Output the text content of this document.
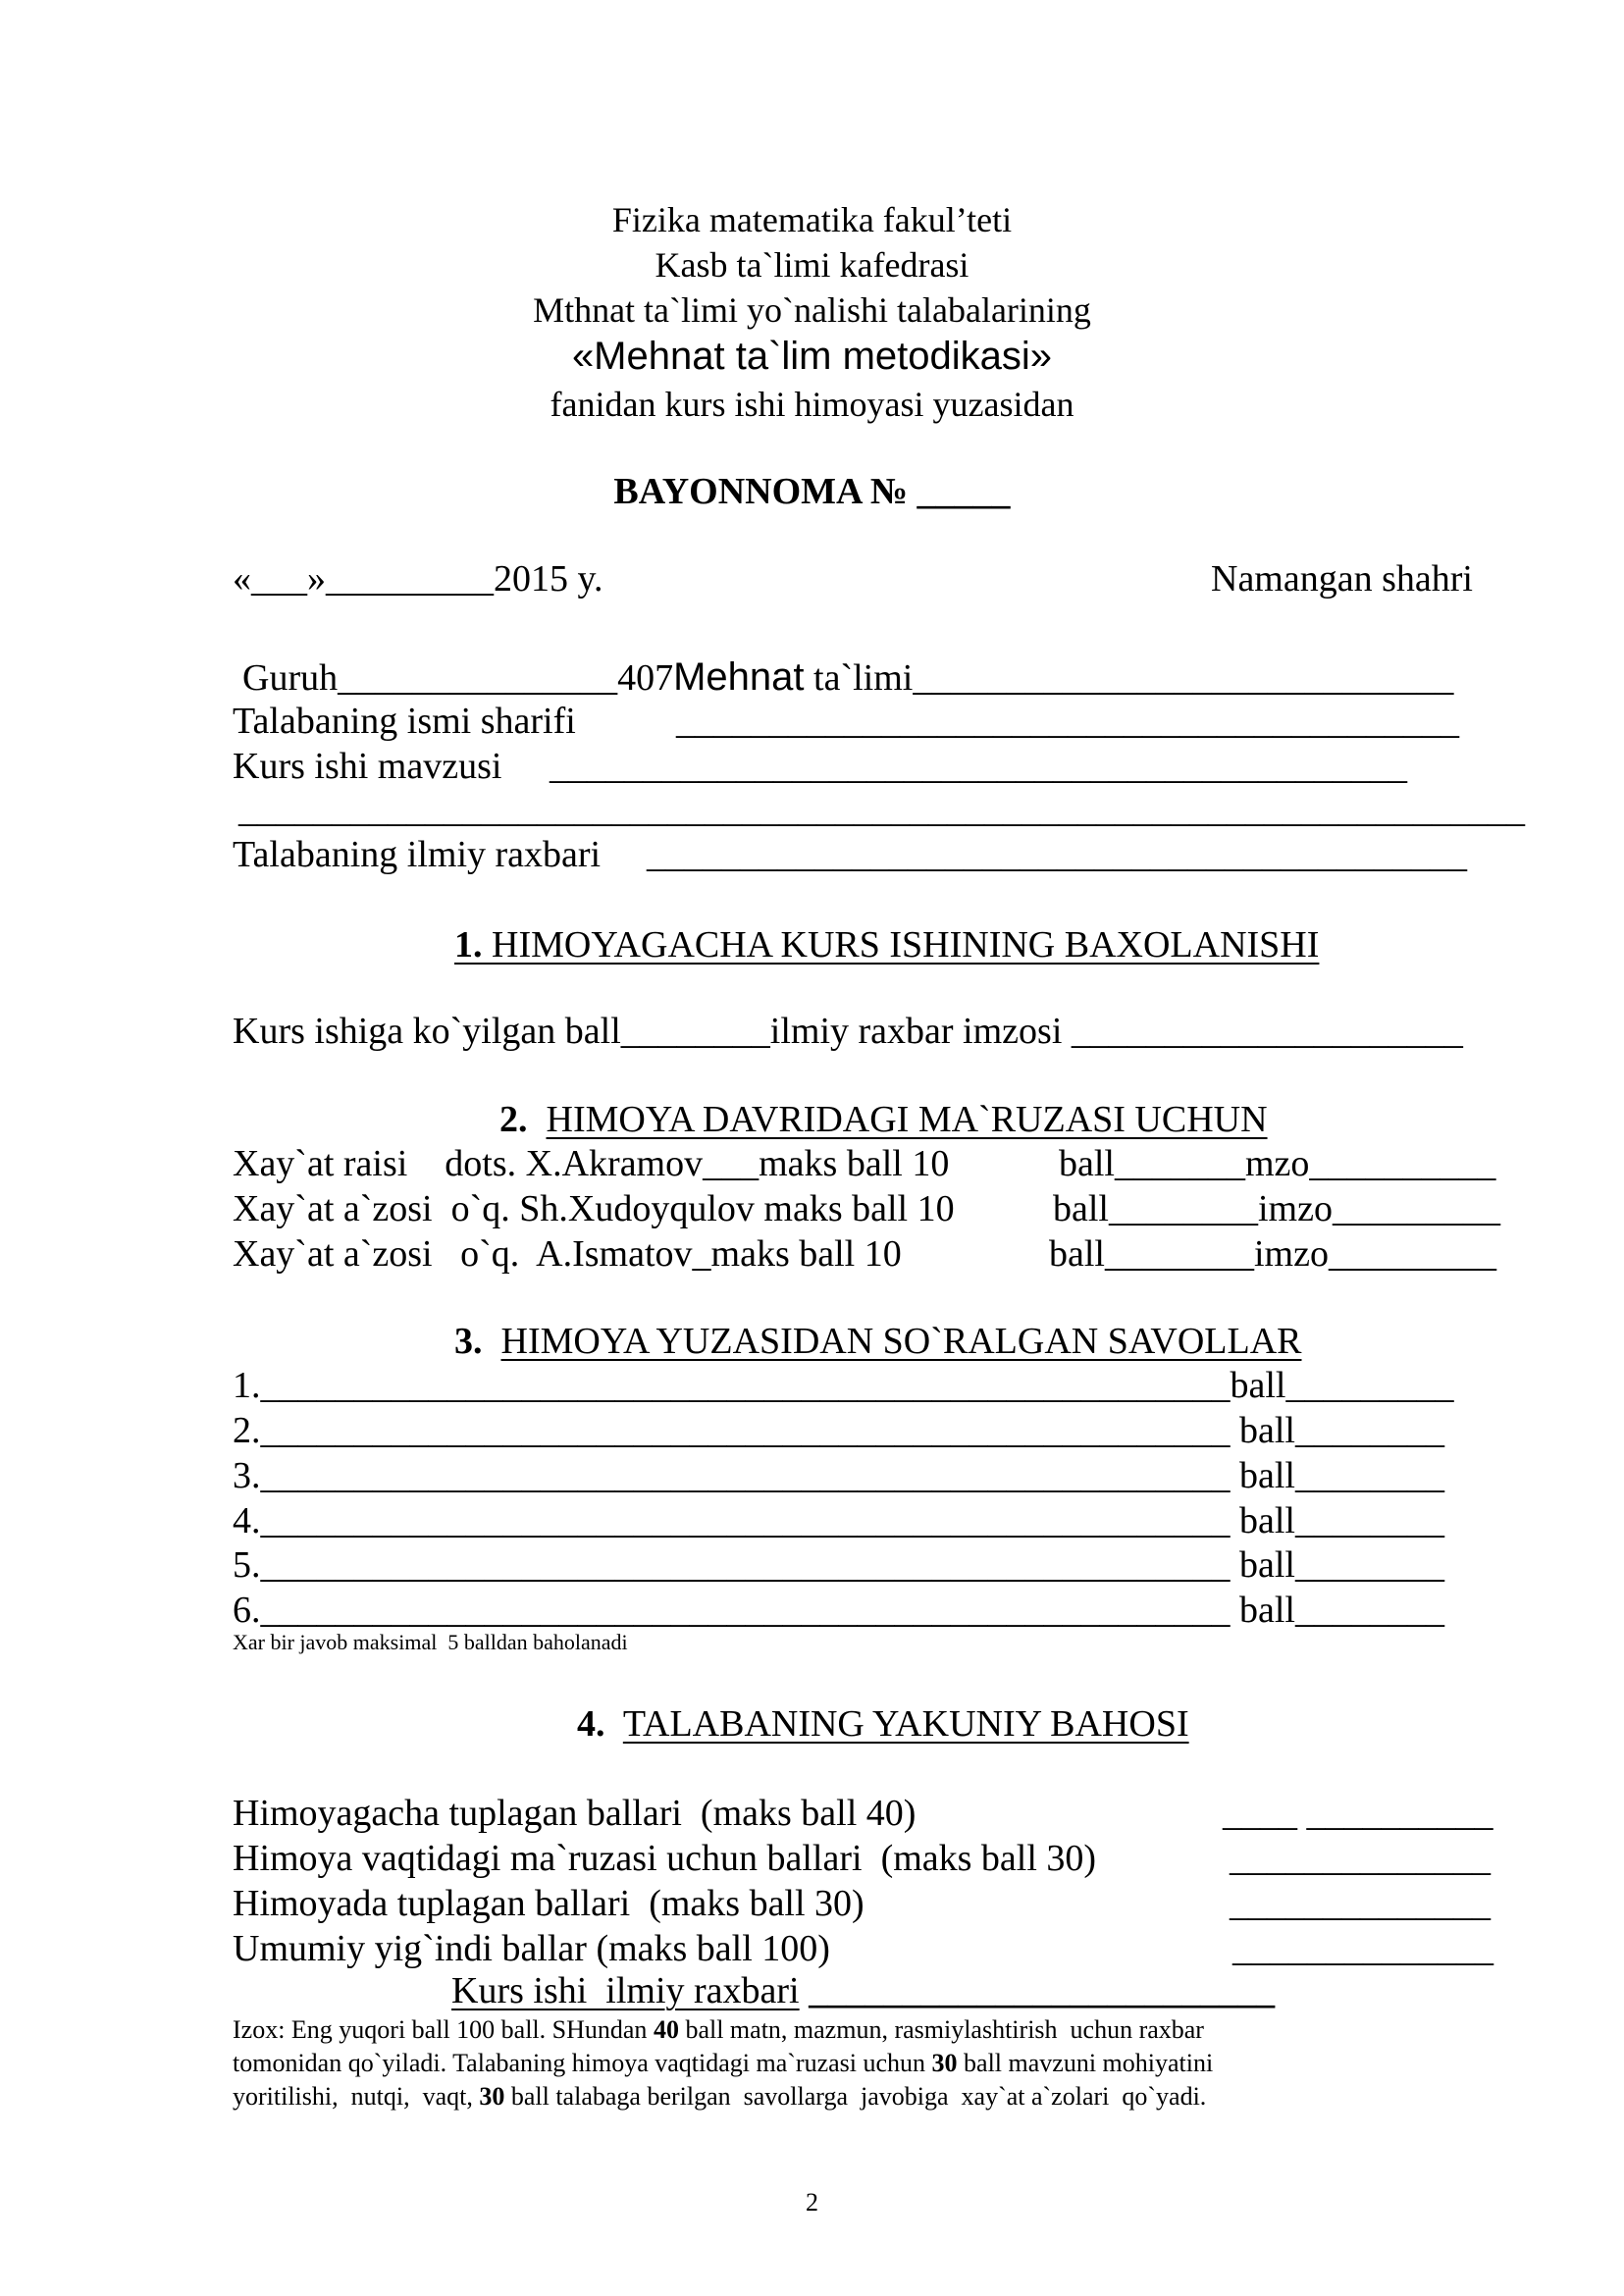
Fizika matematika fakul’teti
Kasb ta`limi kafedrasi
Mthnat ta`limi yo`nalishi talabalarining
«Mehnat ta`lim metodikasi»
fanidan kurs ishi himoyasi yuzasidan
BAYONNOMA № _____
«___»_________2015 y.	Namangan shahri
Guruh_______________407Mehnat ta`limi_____________________________
Talabaning ismi sharifi	__________________________________________
Kurs ishi mavzusi ______________________________________________
_____________________________________________________________________
Talabaning ilmiy raxbari ____________________________________________
1. HIMOYAGACHA KURS ISHINING BAXOLANISHI
Kurs ishiga ko`yilgan ball________ilmiy raxbar imzosi _____________________
2. HIMOYA DAVRIDAGI MA`RUZASI UCHUN
Xay`at raisi    dots. X.Akramov___maks ball 10	ball_______mzo__________
Xay`at a`zosi  o`q. Sh.Xudoyqulov maks ball 10	ball________imzo_________
Xay`at a`zosi   o`q.  A.Ismatov_maks ball 10	ball________imzo_________
3. HIMOYA YUZASIDAN SO`RALGAN SAVOLLAR
1.____________________________________________________ball_________
2.____________________________________________________ ball________
3.____________________________________________________ ball________
4.____________________________________________________ ball________
5.____________________________________________________ ball________
6.____________________________________________________ ball________
Xar bir javob maksimal  5 balldan baholanadi
4. TALABANING YAKUNIY BAHOSI
Himoyagacha tuplagan ballari  (maks ball 40)	____ __________
Himoya vaqtidagi ma`ruzasi uchun ballari  (maks ball 30)	______________
Himoyada tuplagan ballari  (maks ball 30)	______________
Umumiy yig`indi ballar (maks ball 100)	______________
Kurs ishi  ilmiy raxbari _________________________
Izox: Eng yuqori ball 100 ball. SHundan 40 ball matn, mazmun, rasmiylashtirish  uchun raxbar
tomonidan qo`yiladi. Talabaning himoya vaqtidagi ma`ruzasi uchun 30 ball mavzuni mohiyatini
yoritilishi,  nutqi,  vaqt, 30 ball talabaga berilgan  savollarga  javobiga  xay`at a`zolari  qo`yadi.
2
